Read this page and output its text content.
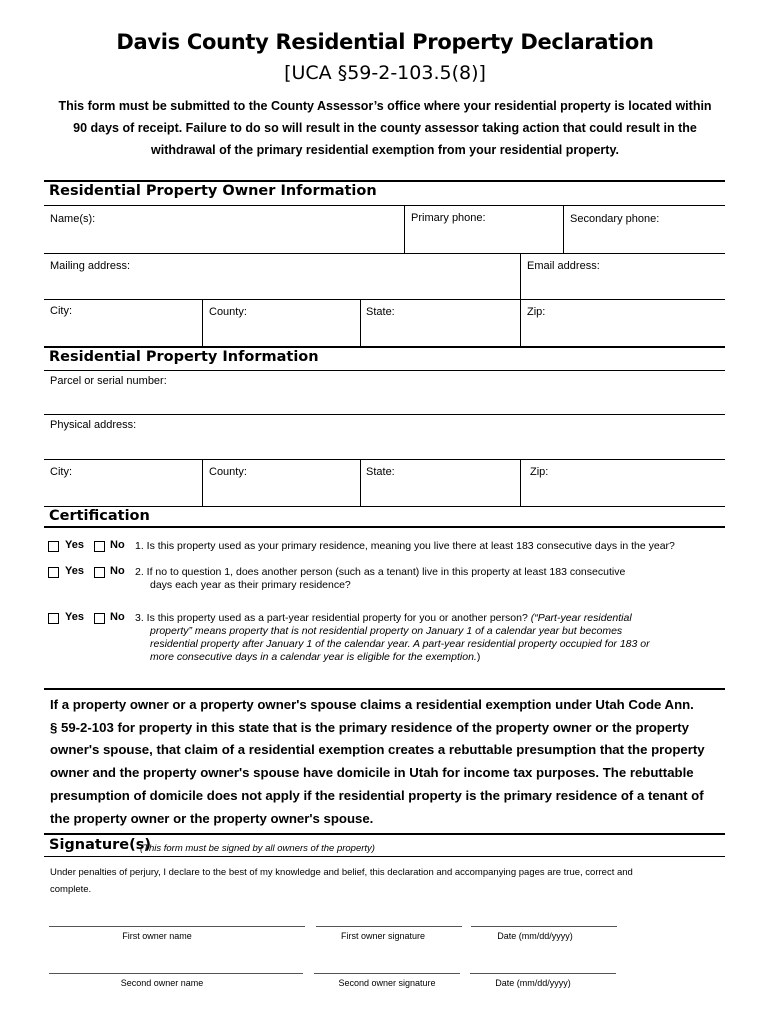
Davis County Residential Property Declaration
[UCA §59-2-103.5(8)]
This form must be submitted to the County Assessor’s office where your residential property is located within
90 days of receipt. Failure to do so will result in the county assessor taking action that could result in the
withdrawal of the primary residential exemption from your residential property.
Residential Property Owner Information
Name(s):	Primary phone:	Secondary phone:
Mailing address:	Email address:
City:	County:	State:	Zip:
Residential Property Information
Parcel or serial number:
Physical address:
City:	County:	State:	Zip:
Certification
Yes No 1. Is this property used as your primary residence, meaning you live there at least 183 consecutive days in the year?
Yes No 2. If no to question 1, does another person (such as a tenant) live in this property at least 183 consecutive
days each year as their primary residence?
Yes No 3. Is this property used as a part-year residential property for you or another person? (“Part-year residential
property” means property that is not residential property on January 1 of a calendar year but becomes
residential property after January 1 of the calendar year. A part-year residential property occupied for 183 or
more consecutive days in a calendar year is eligible for the exemption.)
If a property owner or a property owner's spouse claims a residential exemption under Utah Code Ann.
§ 59-2-103 for property in this state that is the primary residence of the property owner or the property
owner's spouse, that claim of a residential exemption creates a rebuttable presumption that the property
owner and the property owner's spouse have domicile in Utah for income tax purposes. The rebuttable
presumption of domicile does not apply if the residential property is the primary residence of a tenant of
the property owner or the property owner's spouse.
Signature(s)
(This form must be signed by all owners of the property)
Under penalties of perjury, I declare to the best of my knowledge and belief, this declaration and accompanying pages are true, correct and
complete.
First owner name	First owner signature	Date (mm/dd/yyyy)
Second owner name	Second owner signature	Date (mm/dd/yyyy)
